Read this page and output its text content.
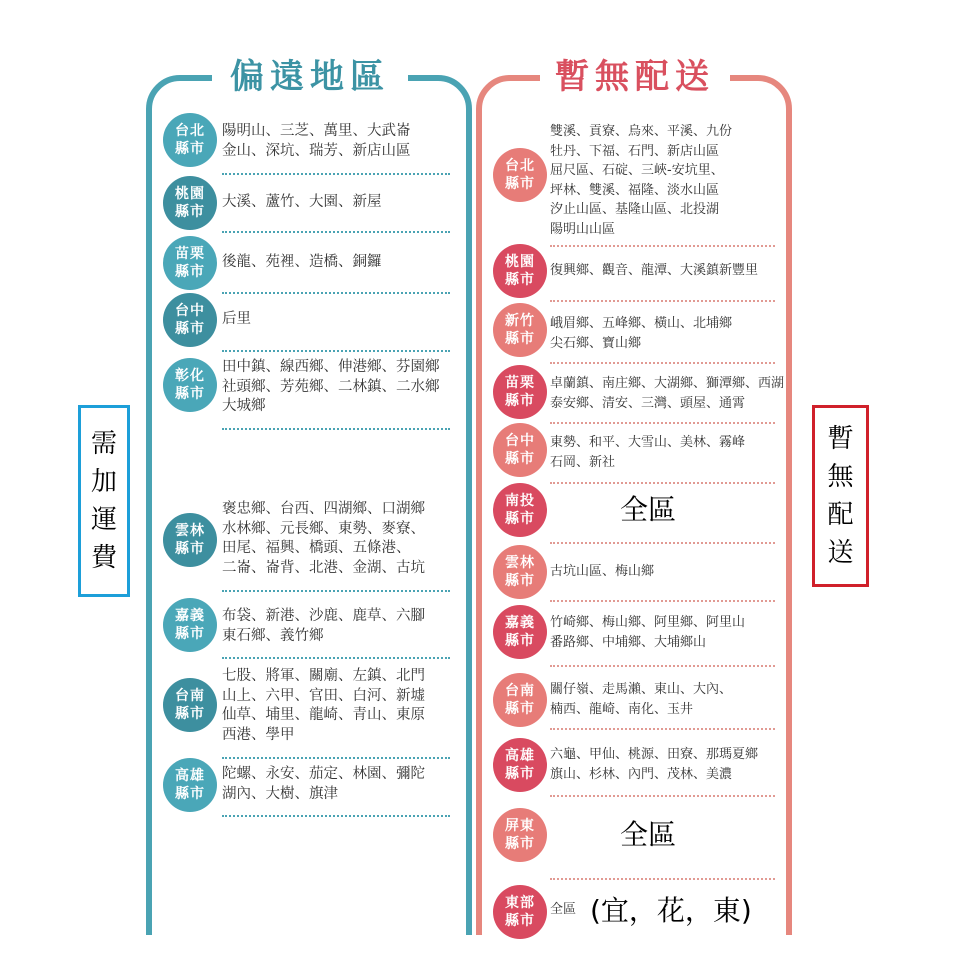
偏遠地區	暫無配送
需加運費
暫無配送
台北縣市
陽明山、三芝、萬里、大武崙
金山、深坑、瑞芳、新店山區
桃園縣市
大溪、蘆竹、大園、新屋
苗栗縣市
後龍、苑裡、造橋、銅鑼
台中縣市
后里
彰化縣市
田中鎮、線西鄉、伸港鄉、芬園鄉
社頭鄉、芳苑鄉、二林鎮、二水鄉
大城鄉
雲林縣市
褒忠鄉、台西、四湖鄉、口湖鄉
水林鄉、元長鄉、東勢、麥寮、
田尾、福興、橋頭、五條港、
二崙、崙背、北港、金湖、古坑
嘉義縣市
布袋、新港、沙鹿、鹿草、六腳
東石鄉、義竹鄉
台南縣市
七股、將軍、關廟、左鎮、北門
山上、六甲、官田、白河、新墟
仙草、埔里、龍崎、青山、東原
西港、學甲
高雄縣市
陀螺、永安、茄定、林園、彌陀
湖內、大樹、旗津
台北縣市
雙溪、貢寮、烏來、平溪、九份
牡丹、下福、石門、新店山區
屈尺區、石碇、三峽-安坑里、
坪林、雙溪、福隆、淡水山區
汐止山區、基隆山區、北投湖
陽明山山區
桃園縣市
復興鄉、觀音、龍潭、大溪鎮新豐里
新竹縣市
峨眉鄉、五峰鄉、橫山、北埔鄉
尖石鄉、寶山鄉
苗栗縣市
卓蘭鎮、南庄鄉、大湖鄉、獅潭鄉、西湖
泰安鄉、清安、三灣、頭屋、通霄
台中縣市
東勢、和平、大雪山、美林、霧峰
石岡、新社
南投縣市	全區
雲林縣市
古坑山區、梅山鄉
嘉義縣市
竹崎鄉、梅山鄉、阿里鄉、阿里山
番路鄉、中埔鄉、大埔鄉山
台南縣市
關仔嶺、走馬瀨、東山、大內、
楠西、龍崎、南化、玉井
高雄縣市
六龜、甲仙、桃源、田寮、那瑪夏鄉
旗山、杉林、內門、茂林、美濃
屏東縣市	全區
東部縣市
全區 (宜，花，東)
